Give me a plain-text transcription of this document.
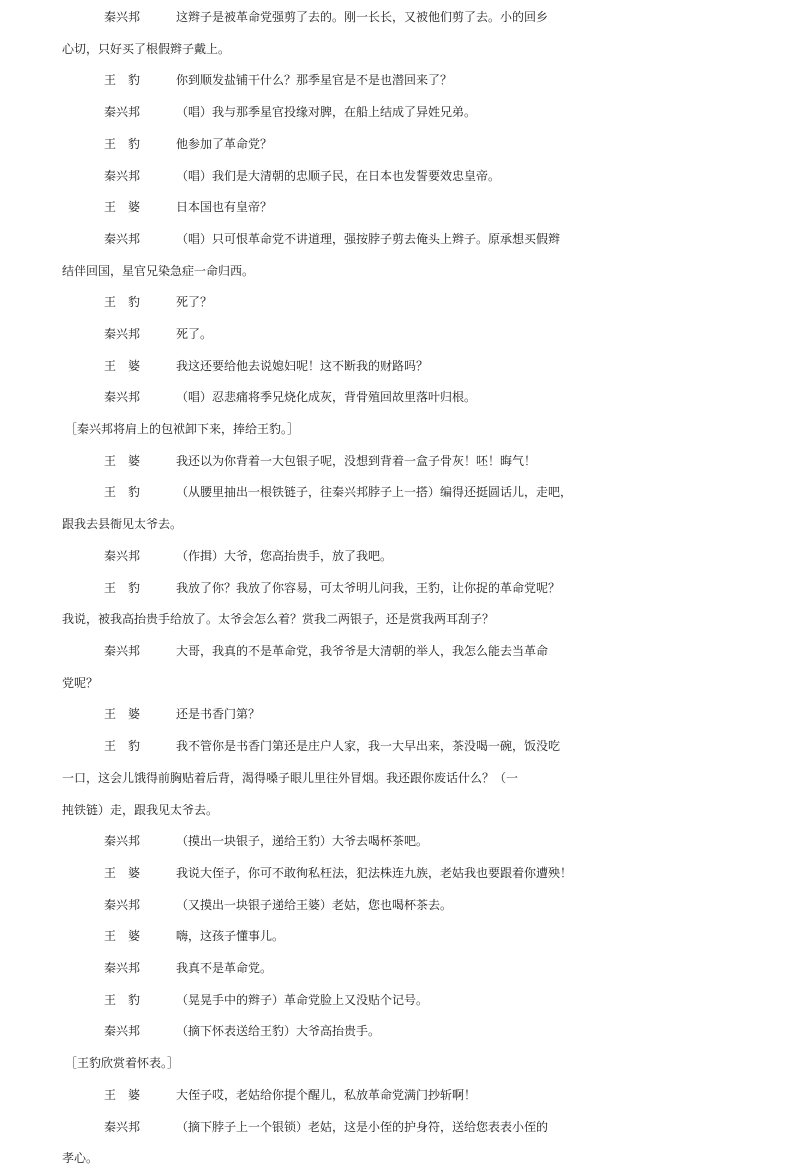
秦兴邦	这辫子是被革命党强剪了去的。刚一长长，又被他们剪了去。小的回乡
心切，只好买了根假辫子戴上。
王　豹	你到顺发盐铺干什么？那季星官是不是也潜回来了？
秦兴邦	（唱）我与那季星官投缘对脾，在船上结成了异姓兄弟。
王　豹	他参加了革命党？
秦兴邦	（唱）我们是大清朝的忠顺子民，在日本也发誓要效忠皇帝。
王　婆	日本国也有皇帝？
秦兴邦	（唱）只可恨革命党不讲道理，强按脖子剪去俺头上辫子。原承想买假辫
结伴回国，星官兄染急症一命归西。
王　豹	死了？
秦兴邦	死了。
王　婆	我这还要给他去说媳妇呢！这不断我的财路吗？
秦兴邦	（唱）忍悲痛将季兄烧化成灰，背骨殖回故里落叶归根。
［秦兴邦将肩上的包袱卸下来，捧给王豹。］
王　婆	我还以为你背着一大包银子呢，没想到背着一盒子骨灰！呸！晦气！
王　豹	（从腰里抽出一根铁链子，往秦兴邦脖子上一搭）编得还挺圆话儿，走吧，
跟我去县衙见太爷去。
秦兴邦	（作揖）大爷，您高抬贵手，放了我吧。
王　豹	我放了你？我放了你容易，可太爷明儿问我，王豹，让你捉的革命党呢？
我说，被我高抬贵手给放了。太爷会怎么着？赏我二两银子，还是赏我两耳刮子？
秦兴邦	大哥，我真的不是革命党，我爷爷是大清朝的举人，我怎么能去当革命
党呢？
王　婆	还是书香门第？
王　豹	我不管你是书香门第还是庄户人家，我一大早出来，茶没喝一碗，饭没吃
一口，这会儿饿得前胸贴着后背，渴得嗓子眼儿里往外冒烟。我还跟你废话什么？（一
扽铁链）走，跟我见太爷去。
秦兴邦	（摸出一块银子，递给王豹）大爷去喝杯茶吧。
王　婆	我说大侄子，你可不敢徇私枉法，犯法株连九族，老姑我也要跟着你遭殃！
秦兴邦	（又摸出一块银子递给王婆）老姑，您也喝杯茶去。
王　婆	嗨，这孩子懂事儿。
秦兴邦	我真不是革命党。
王　豹	（晃晃手中的辫子）革命党脸上又没贴个记号。
秦兴邦	（摘下怀表送给王豹）大爷高抬贵手。
［王豹欣赏着怀表。］
王　婆	大侄子哎，老姑给你提个醒儿，私放革命党满门抄斩啊！
秦兴邦	（摘下脖子上一个银锁）老姑，这是小侄的护身符，送给您表表小侄的
孝心。
